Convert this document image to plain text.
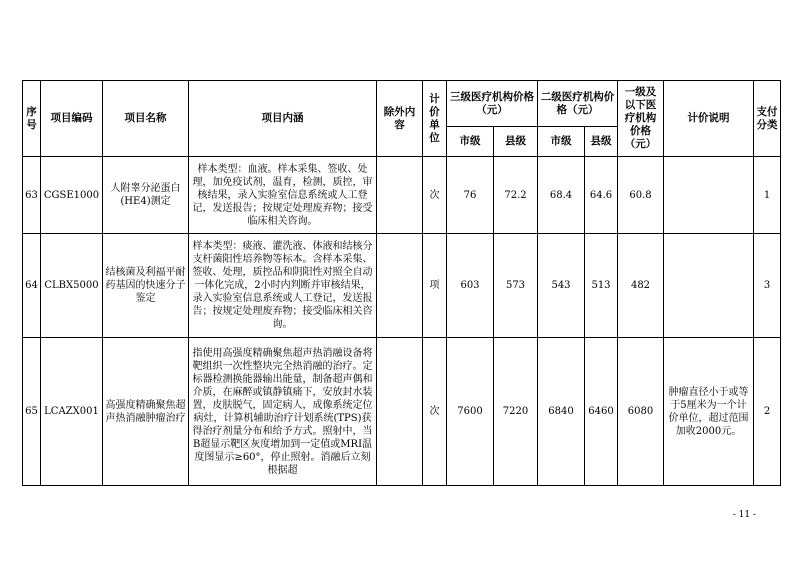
序号	项目编码	项目名称	项目内涵	除外内容	计价单位	三级医疗机构价格（元）		二级医疗机构价格（元）		一级及以下医疗机构价格（元）	计价说明	支付分类
						市级	县级	市级	县级			
63	CGSE1000	人附睾分泌蛋白(HE4)测定	样本类型：血液。样本采集、签收、处理，加免疫试剂，温育，检测，质控，审核结果，录入实验室信息系统或人工登记，发送报告；按规定处理废弃物；接受临床相关咨询。		次	76	72.2	68.4	64.6	60.8		1
64	CLBX5000	结核菌及利福平耐药基因的快速分子鉴定	样本类型：痰液、灌洗液、体液和结核分支杆菌阳性培养物等标本。含样本采集、签收、处理，质控品和阴阳性对照全自动一体化完成，2小时内判断并审核结果，录入实验室信息系统或人工登记，发送报告；按规定处理废弃物；接受临床相关咨询。		项	603	573	543	513	482		3
65	LCAZX001	高强度精确聚焦超声热消融肿瘤治疗	指使用高强度精确聚焦超声热消融设备将靶组织一次性整块完全热消融的治疗。定标器检测换能器输出能量，制备超声偶和介质，在麻醉或镇静镇痛下，安放封水装置，皮肤脱气，固定病人，成像系统定位病灶，计算机辅助治疗计划系统(TPS)获得治疗剂量分布和给予方式。照射中，当B超显示靶区灰度增加到一定值或MRI温度图显示≥60°，停止照射。消融后立刻根据超		次	7600	7220	6840	6460	6080	肿瘤直径小于或等于5厘米为一个计价单位，超过范围加收2000元。	2
- 11 -
